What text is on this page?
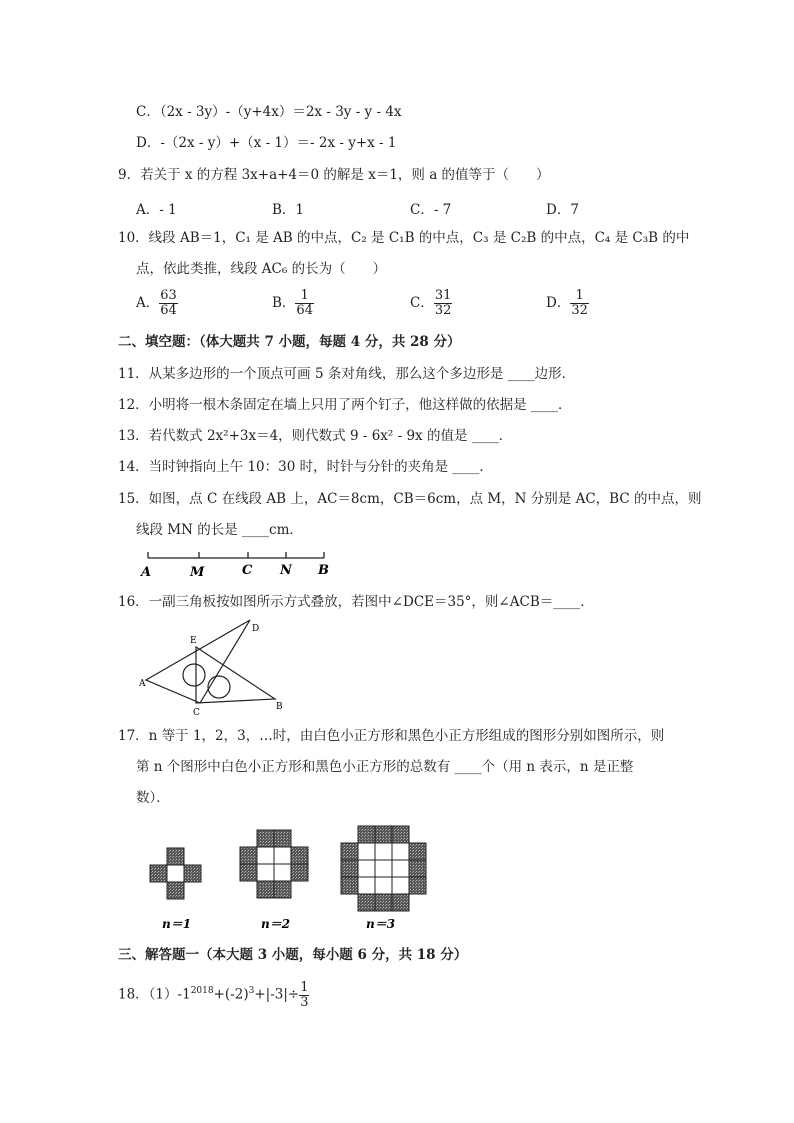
C．（2x - 3y）-（y+4x）＝2x - 3y - y - 4x
D．-（2x - y）+（x - 1）＝- 2x - y+x - 1
9．若关于 x 的方程 3x+a+4＝0 的解是 x＝1，则 a 的值等于（　　）
A．- 1	B．1	C．- 7	D．7
10．线段 AB＝1，C₁ 是 AB 的中点，C₂ 是 C₁B 的中点，C₃ 是 C₂B 的中点，C₄ 是 C₃B 的中
点，依此类推，线段 AC₆ 的长为（　　）
A． $\frac{63}{64}$	B． $\frac{1}{64}$	C． $\frac{31}{32}$	D． $\frac{1}{32}$
二、填空题：（体大题共 7 小题，每题 4 分，共 28 分）
11．从某多边形的一个顶点可画 5 条对角线，那么这个多边形是 ____边形．
12．小明将一根木条固定在墙上只用了两个钉子，他这样做的依据是 ____．
13．若代数式 2x²+3x＝4，则代数式 9 - 6x² - 9x 的值是 ____．
14．当时钟指向上午 10：30 时，时针与分针的夹角是 ____．
15．如图，点 C 在线段 AB 上，AC＝8cm，CB＝6cm，点 M，N 分别是 AC，BC 的中点，则
线段 MN 的长是 ____cm．
A	M	C N B
16．一副三角板按如图所示方式叠放，若图中∠DCE＝35°，则∠ACB＝____．
E
D
A
C
B
17．n 等于 1，2，3，…时，由白色小正方形和黑色小正方形组成的图形分别如图所示，则
第 n 个图形中白色小正方形和黑色小正方形的总数有 ____个（用 n 表示，n 是正整
数）．
n＝1	n＝2	n＝3
三、解答题一（本大题 3 小题，每小题 6 分，共 18 分）
18．$(1)-1^{2018}+(-2)^3+|-3|\div \frac{1}{3}$
